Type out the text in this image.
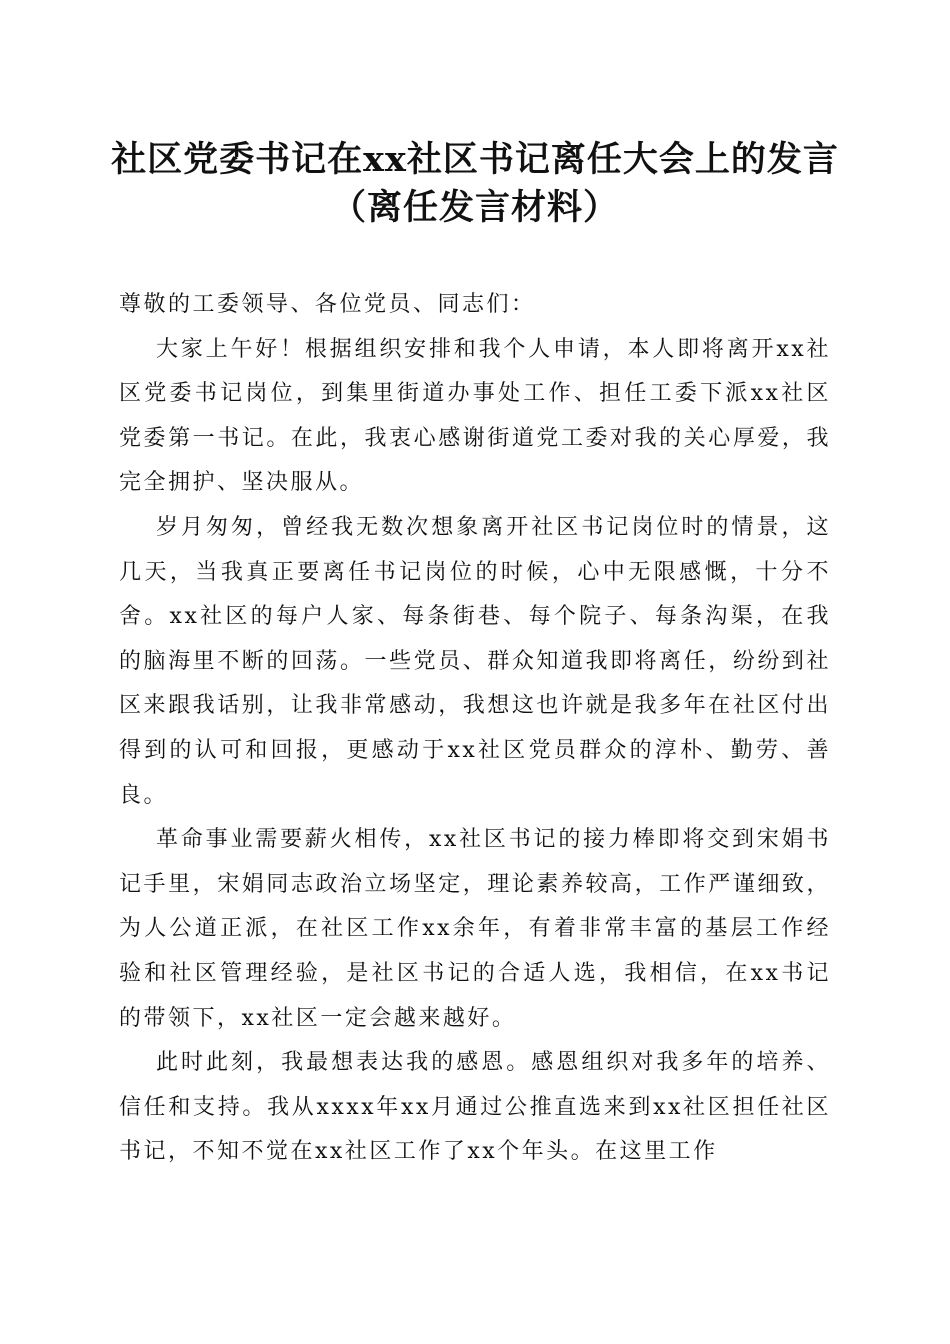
社区党委书记在xx社区书记离任大会上的发言（离任发言材料）

尊敬的工委领导、各位党员、同志们：

大家上午好！根据组织安排和我个人申请，本人即将离开xx社区党委书记岗位，到集里街道办事处工作、担任工委下派xx社区党委第一书记。在此，我衷心感谢街道党工委对我的关心厚爱，我完全拥护、坚决服从。

岁月匆匆，曾经我无数次想象离开社区书记岗位时的情景，这几天，当我真正要离任书记岗位的时候，心中无限感慨，十分不舍。xx社区的每户人家、每条街巷、每个院子、每条沟渠，在我的脑海里不断的回荡。一些党员、群众知道我即将离任，纷纷到社区来跟我话别，让我非常感动，我想这也许就是我多年在社区付出得到的认可和回报，更感动于xx社区党员群众的淳朴、勤劳、善良。

革命事业需要薪火相传，xx社区书记的接力棒即将交到宋娟书记手里，宋娟同志政治立场坚定，理论素养较高，工作严谨细致，为人公道正派，在社区工作xx余年，有着非常丰富的基层工作经验和社区管理经验，是社区书记的合适人选，我相信，在xx书记的带领下，xx社区一定会越来越好。

此时此刻，我最想表达我的感恩。感恩组织对我多年的培养、信任和支持。我从xxxx年xx月通过公推直选来到xx社区担任社区书记，不知不觉在xx社区工作了xx个年头。在这里工作
